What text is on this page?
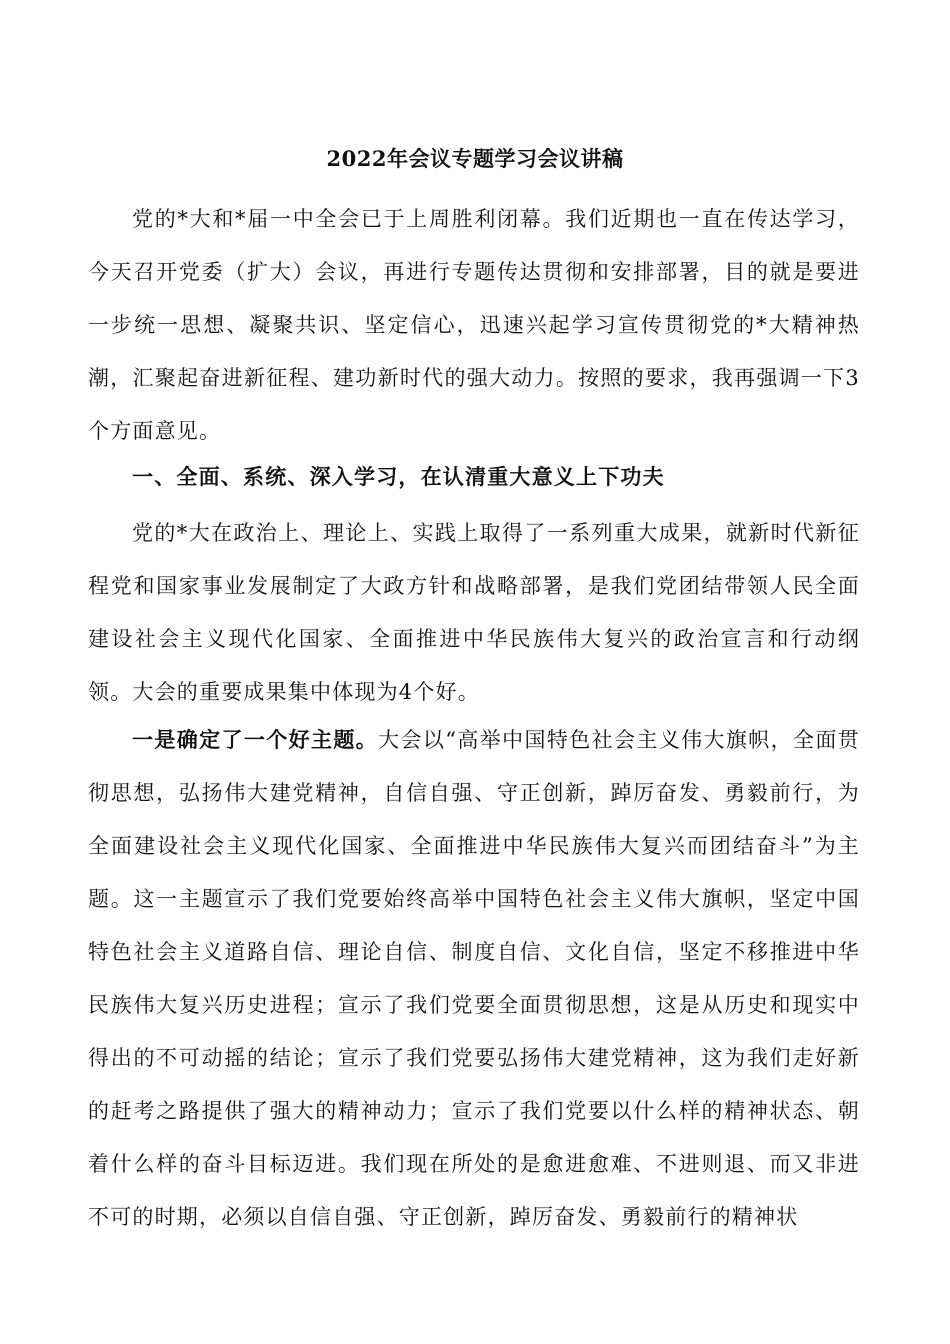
2022年会议专题学习会议讲稿

党的*大和*届一中全会已于上周胜利闭幕。我们近期也一直在传达学习，今天召开党委（扩大）会议，再进行专题传达贯彻和安排部署，目的就是要进一步统一思想、凝聚共识、坚定信心，迅速兴起学习宣传贯彻党的*大精神热潮，汇聚起奋进新征程、建功新时代的强大动力。按照的要求，我再强调一下3个方面意见。

一、全面、系统、深入学习，在认清重大意义上下功夫

党的*大在政治上、理论上、实践上取得了一系列重大成果，就新时代新征程党和国家事业发展制定了大政方针和战略部署，是我们党团结带领人民全面建设社会主义现代化国家、全面推进中华民族伟大复兴的政治宣言和行动纲领。大会的重要成果集中体现为4个好。

一是确定了一个好主题。大会以“高举中国特色社会主义伟大旗帜，全面贯彻思想，弘扬伟大建党精神，自信自强、守正创新，踔厉奋发、勇毅前行，为全面建设社会主义现代化国家、全面推进中华民族伟大复兴而团结奋斗”为主题。这一主题宣示了我们党要始终高举中国特色社会主义伟大旗帜，坚定中国特色社会主义道路自信、理论自信、制度自信、文化自信，坚定不移推进中华民族伟大复兴历史进程；宣示了我们党要全面贯彻思想，这是从历史和现实中得出的不可动摇的结论；宣示了我们党要弘扬伟大建党精神，这为我们走好新的赶考之路提供了强大的精神动力；宣示了我们党要以什么样的精神状态、朝着什么样的奋斗目标迈进。我们现在所处的是愈进愈难、不进则退、而又非进不可的时期，必须以自信自强、守正创新，踔厉奋发、勇毅前行的精神状
